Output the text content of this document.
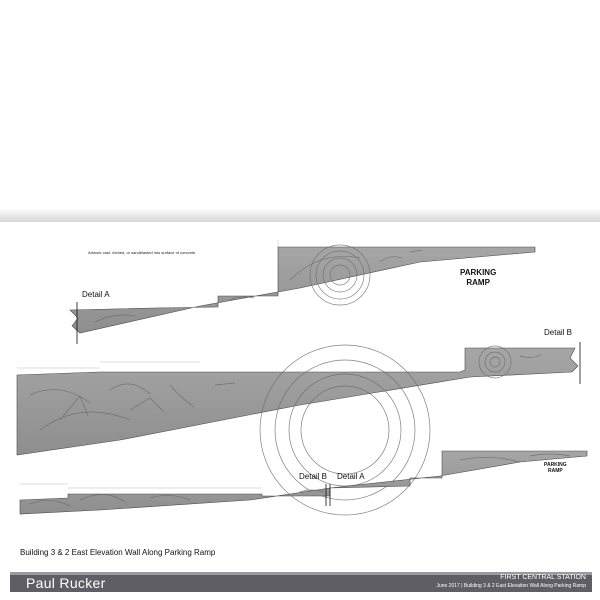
Artwork cast, etched, or sandblasted into surface of concrete
PARKING
RAMP
PARKING
RAMP
Detail A
Detail B
Detail B Detail A
Building 3 & 2 East Elevation Wall Along Parking Ramp
Paul Rucker	FIRST CENTRAL STATION
June 2017 | Building 3 & 2 East Elevation Wall Along Parking Ramp
